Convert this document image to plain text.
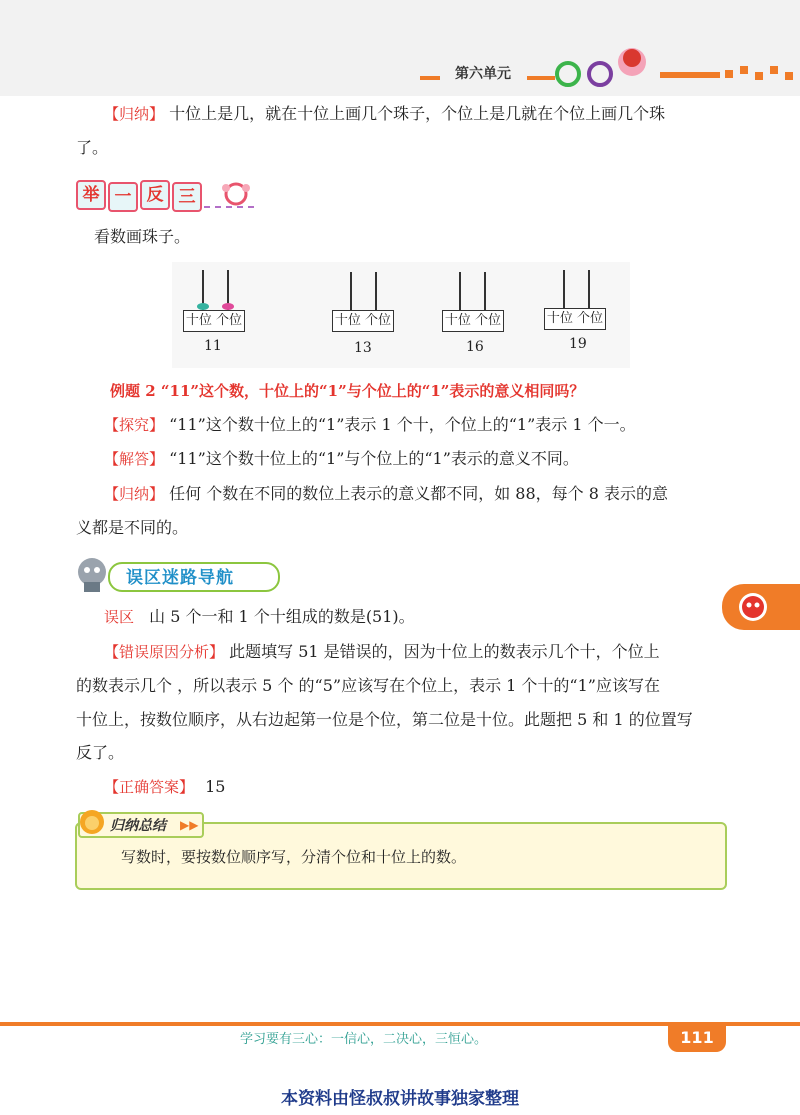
第六单元
【归纳】 十位上是几，就在十位上画几个珠子，个位上是几就在个位上画几个珠
了。
举 一 反 三
看数画珠子。
十位 个位
11
十位 个位
13
十位 个位
16
十位 个位
19
例题 2 “11”这个数，十位上的“1”与个位上的“1”表示的意义相同吗？
【探究】 “11”这个数十位上的“1”表示 1 个十，个位上的“1”表示 1 个一。
【解答】 “11”这个数十位上的“1”与个位上的“1”表示的意义不同。
【归纳】 任何 个数在不同的数位上表示的意义都不同，如 88，每个 8 表示的意
义都是不同的。
误区迷路导航
误区 山 5 个一和 1 个十组成的数是(51)。
【错误原因分析】 此题填写 51 是错误的，因为十位上的数表示几个十，个位上
的数表示几个 ，所以表示 5 个 的“5”应该写在个位上，表示 1 个十的“1”应该写在
十位上，按数位顺序，从右边起第一位是个位，第二位是十位。此题把 5 和 1 的位置写
反了。
【正确答案】 15
写数时，要按数位顺序写，分清个位和十位上的数。
归纳总结 ▶▶
学习要有三心：一信心，二决心，三恒心。	111
本资料由怪叔叔讲故事独家整理
